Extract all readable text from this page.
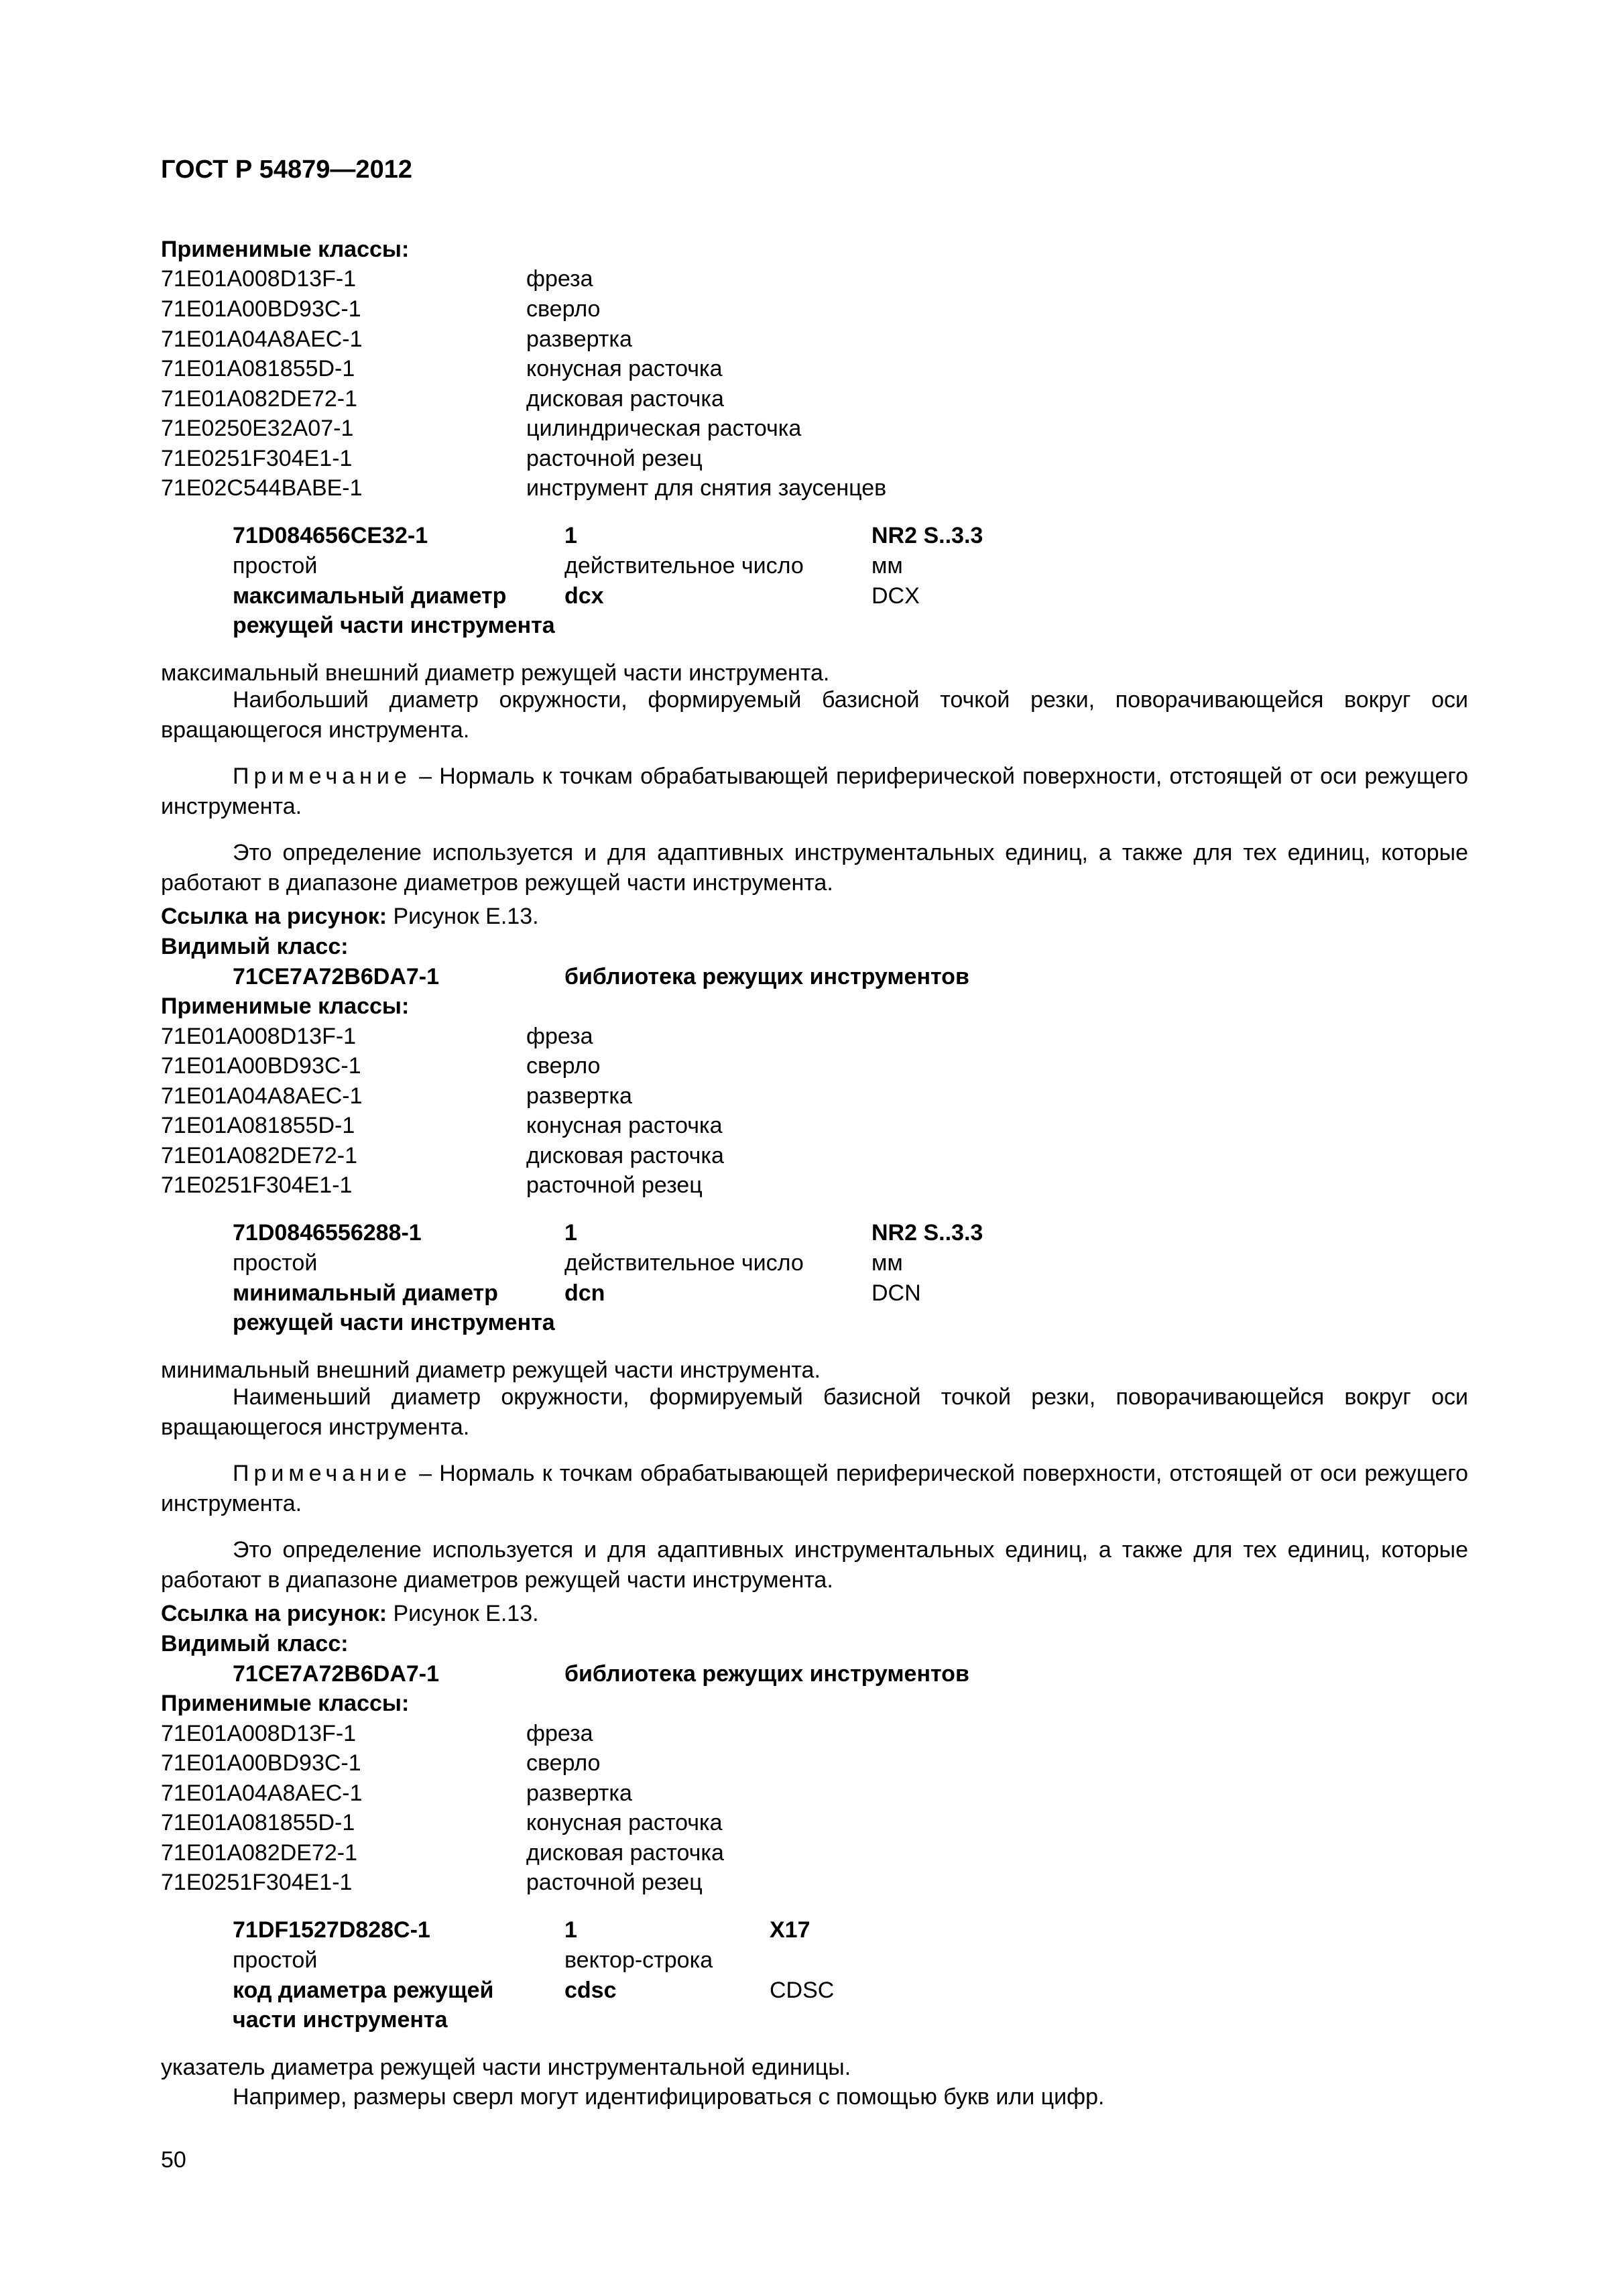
ГОСТ Р 54879—2012
Применимые классы:
71E01A008D13F-1	фреза
71E01A00BD93C-1	сверло
71E01A04A8AEC-1	развертка
71E01A081855D-1	конусная расточка
71E01A082DE72-1	дисковая расточка
71E0250E32A07-1	цилиндрическая расточка
71E0251F304E1-1	расточной резец
71E02C544BABE-1	инструмент для снятия заусенцев
71D084656CE32-1	1	NR2 S..3.3
простой	действительное число	мм
максимальный диаметр	dcx	DCX
режущей части инструмента
максимальный внешний диаметр режущей части инструмента.
Наибольший диаметр окружности, формируемый базисной точкой резки, поворачивающейся вокруг оси вращающегося инструмента.
Примечание – Нормаль к точкам обрабатывающей периферической поверхности, отстоящей от оси режущего инструмента.
Это определение используется и для адаптивных инструментальных единиц, а также для тех единиц, которые работают в диапазоне диаметров режущей части инструмента.
Ссылка на рисунок: Рисунок Е.13.
Видимый класс:
71CE7A72B6DA7-1	библиотека режущих инструментов
Применимые классы:
71E01A008D13F-1	фреза
71E01A00BD93C-1	сверло
71E01A04A8AEC-1	развертка
71E01A081855D-1	конусная расточка
71E01A082DE72-1	дисковая расточка
71E0251F304E1-1	расточной резец
71D0846556288-1	1	NR2 S..3.3
простой	действительное число	мм
минимальный диаметр	dcn	DCN
режущей части инструмента
минимальный внешний диаметр режущей части инструмента.
Наименьший диаметр окружности, формируемый базисной точкой резки, поворачивающейся вокруг оси вращающегося инструмента.
Примечание – Нормаль к точкам обрабатывающей периферической поверхности, отстоящей от оси режущего инструмента.
Это определение используется и для адаптивных инструментальных единиц, а также для тех единиц, которые работают в диапазоне диаметров режущей части инструмента.
Ссылка на рисунок: Рисунок Е.13.
Видимый класс:
71CE7A72B6DA7-1	библиотека режущих инструментов
Применимые классы:
71E01A008D13F-1	фреза
71E01A00BD93C-1	сверло
71E01A04A8AEC-1	развертка
71E01A081855D-1	конусная расточка
71E01A082DE72-1	дисковая расточка
71E0251F304E1-1	расточной резец
71DF1527D828C-1	1	X17
простой	вектор-строка
код диаметра режущей	cdsc	CDSC
части инструмента
указатель диаметра режущей части инструментальной единицы.
Например, размеры сверл могут идентифицироваться с помощью букв или цифр.
50
